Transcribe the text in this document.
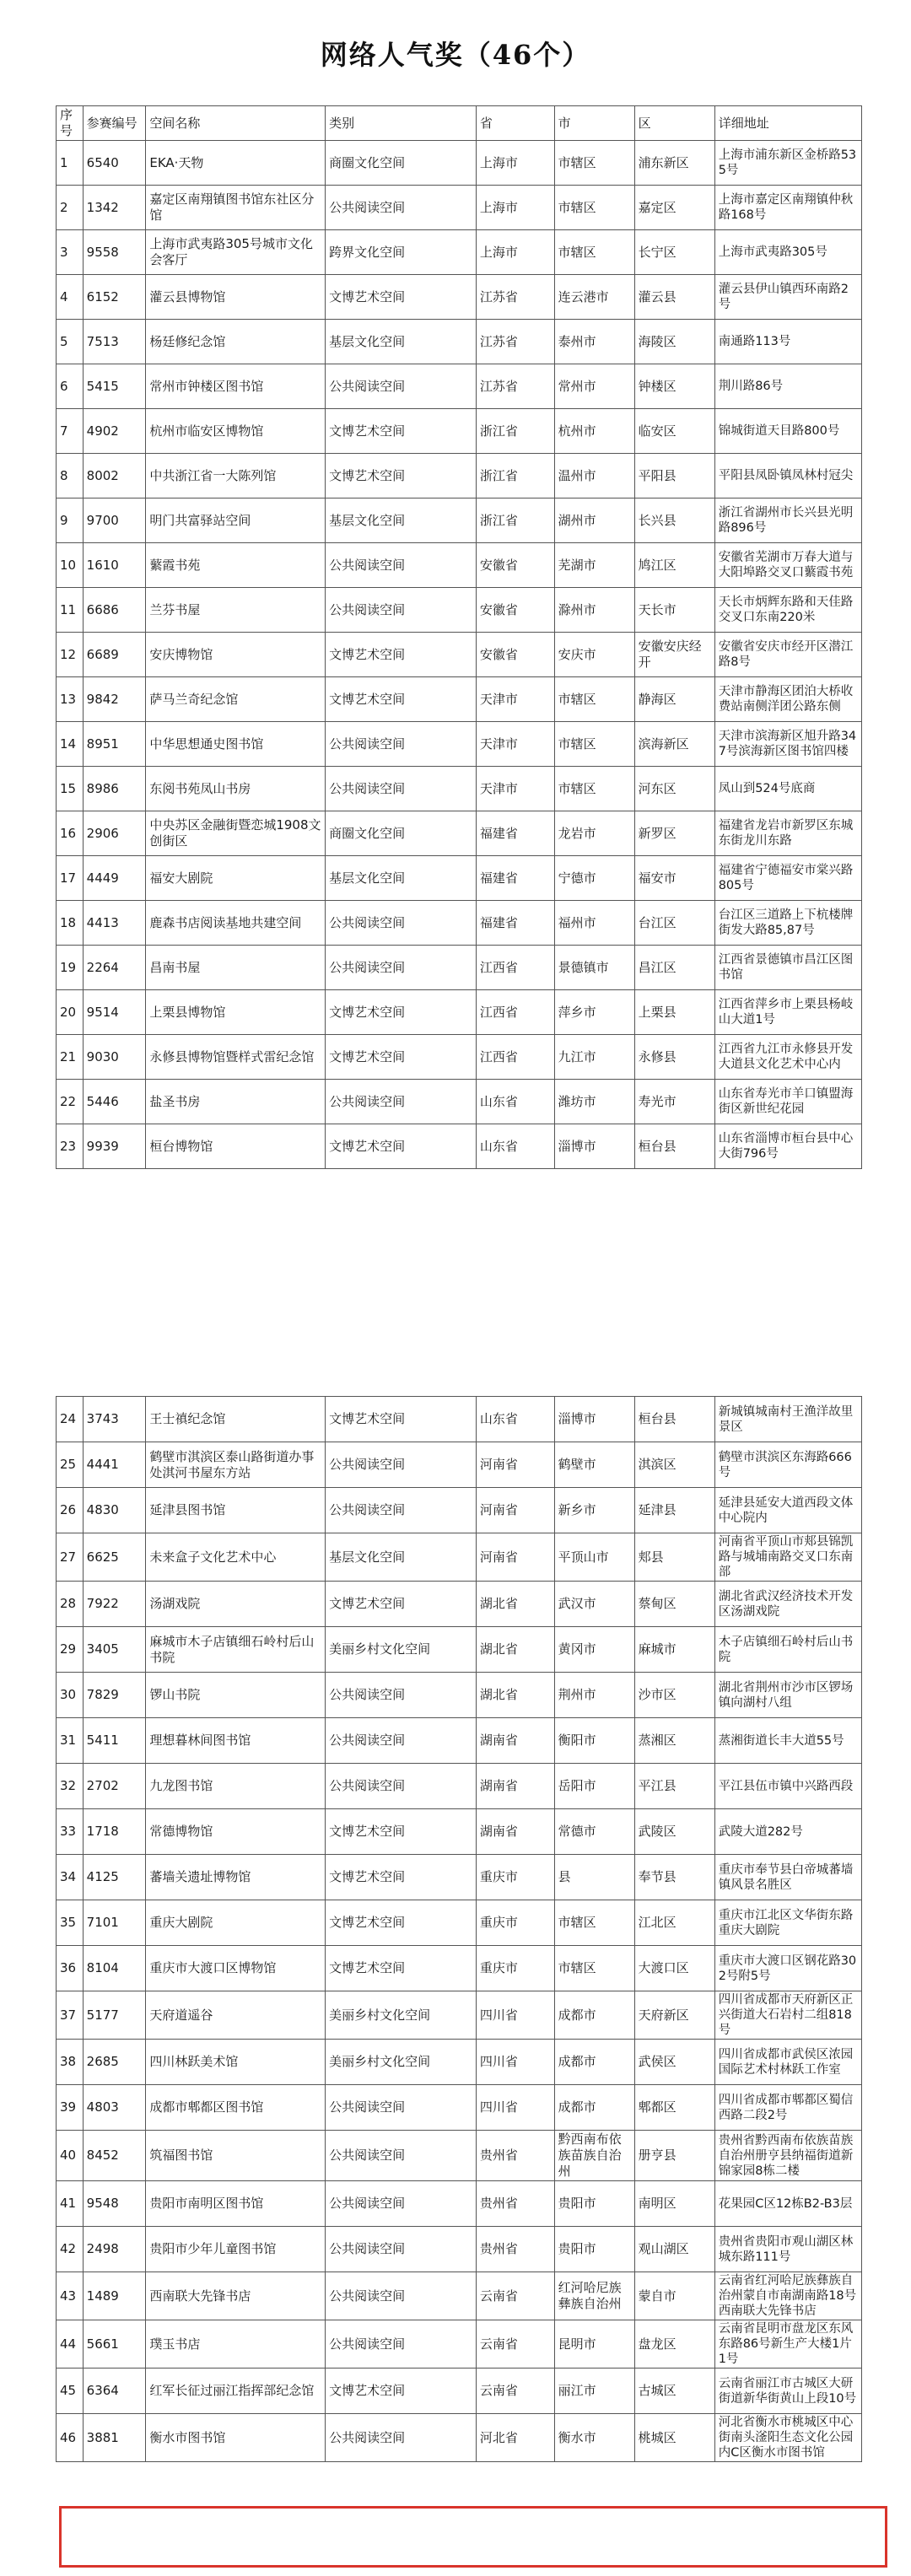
网络人气奖（46个）
序号	参赛编号	空间名称	类别	省	市	区	详细地址
1	6540	EKA·天物	商圈文化空间	上海市	市辖区	浦东新区	上海市浦东新区金桥路535号
2	1342	嘉定区南翔镇图书馆东社区分馆	公共阅读空间	上海市	市辖区	嘉定区	上海市嘉定区南翔镇仲秋路168号
3	9558	上海市武夷路305号城市文化会客厅	跨界文化空间	上海市	市辖区	长宁区	上海市武夷路305号
4	6152	灌云县博物馆	文博艺术空间	江苏省	连云港市	灌云县	灌云县伊山镇西环南路2号
5	7513	杨廷修纪念馆	基层文化空间	江苏省	泰州市	海陵区	南通路113号
6	5415	常州市钟楼区图书馆	公共阅读空间	江苏省	常州市	钟楼区	荆川路86号
7	4902	杭州市临安区博物馆	文博艺术空间	浙江省	杭州市	临安区	锦城街道天目路800号
8	8002	中共浙江省一大陈列馆	文博艺术空间	浙江省	温州市	平阳县	平阳县凤卧镇凤林村冠尖
9	9700	明门共富驿站空间	基层文化空间	浙江省	湖州市	长兴县	浙江省湖州市长兴县光明路896号
10	1610	蘩霞书苑	公共阅读空间	安徽省	芜湖市	鸠江区	安徽省芜湖市万春大道与大阳埠路交叉口蘩霞书苑
11	6686	兰芬书屋	公共阅读空间	安徽省	滁州市	天长市	天长市炳辉东路和天佳路交叉口东南220米
12	6689	安庆博物馆	文博艺术空间	安徽省	安庆市	安徽安庆经开	安徽省安庆市经开区潜江路8号
13	9842	萨马兰奇纪念馆	文博艺术空间	天津市	市辖区	静海区	天津市静海区团泊大桥收费站南侧洋团公路东侧
14	8951	中华思想通史图书馆	公共阅读空间	天津市	市辖区	滨海新区	天津市滨海新区旭升路347号滨海新区图书馆四楼
15	8986	东阅书苑凤山书房	公共阅读空间	天津市	市辖区	河东区	凤山到524号底商
16	2906	中央苏区金融街暨恋城1908文创街区	商圈文化空间	福建省	龙岩市	新罗区	福建省龙岩市新罗区东城东街龙川东路
17	4449	福安大剧院	基层文化空间	福建省	宁德市	福安市	福建省宁德福安市棠兴路805号
18	4413	鹿森书店阅读基地共建空间	公共阅读空间	福建省	福州市	台江区	台江区三道路上下杭楼牌街发大路85,87号
19	2264	昌南书屋	公共阅读空间	江西省	景德镇市	昌江区	江西省景德镇市昌江区图书馆
20	9514	上栗县博物馆	文博艺术空间	江西省	萍乡市	上栗县	江西省萍乡市上栗县杨岐山大道1号
21	9030	永修县博物馆暨样式雷纪念馆	文博艺术空间	江西省	九江市	永修县	江西省九江市永修县开发大道县文化艺术中心内
22	5446	盐圣书房	公共阅读空间	山东省	潍坊市	寿光市	山东省寿光市羊口镇盟海街区新世纪花园
23	9939	桓台博物馆	文博艺术空间	山东省	淄博市	桓台县	山东省淄博市桓台县中心大街796号
24	3743	王士禛纪念馆	文博艺术空间	山东省	淄博市	桓台县	新城镇城南村王渔洋故里景区
25	4441	鹤壁市淇滨区泰山路街道办事处淇河书屋东方站	公共阅读空间	河南省	鹤壁市	淇滨区	鹤壁市淇滨区东海路666号
26	4830	延津县图书馆	公共阅读空间	河南省	新乡市	延津县	延津县延安大道西段文体中心院内
27	6625	未来盒子文化艺术中心	基层文化空间	河南省	平顶山市	郏县	河南省平顶山市郏县锦凯路与城埔南路交叉口东南部
28	7922	汤湖戏院	文博艺术空间	湖北省	武汉市	蔡甸区	湖北省武汉经济技术开发区汤湖戏院
29	3405	麻城市木子店镇细石岭村后山书院	美丽乡村文化空间	湖北省	黄冈市	麻城市	木子店镇细石岭村后山书院
30	7829	锣山书院	公共阅读空间	湖北省	荆州市	沙市区	湖北省荆州市沙市区锣场镇向湖村八组
31	5411	理想暮林间图书馆	公共阅读空间	湖南省	衡阳市	蒸湘区	蒸湘街道长丰大道55号
32	2702	九龙图书馆	公共阅读空间	湖南省	岳阳市	平江县	平江县伍市镇中兴路西段
33	1718	常德博物馆	文博艺术空间	湖南省	常德市	武陵区	武陵大道282号
34	4125	蕃墙关遗址博物馆	文博艺术空间	重庆市	县	奉节县	重庆市奉节县白帝城蕃墙镇风景名胜区
35	7101	重庆大剧院	文博艺术空间	重庆市	市辖区	江北区	重庆市江北区文华街东路重庆大剧院
36	8104	重庆市大渡口区博物馆	文博艺术空间	重庆市	市辖区	大渡口区	重庆市大渡口区钢花路302号附5号
37	5177	天府道遥谷	美丽乡村文化空间	四川省	成都市	天府新区	四川省成都市天府新区正兴街道大石岩村二组818号
38	2685	四川林跃美术馆	美丽乡村文化空间	四川省	成都市	武侯区	四川省成都市武侯区浓园国际艺术村林跃工作室
39	4803	成都市郫都区图书馆	公共阅读空间	四川省	成都市	郫都区	四川省成都市郫都区蜀信西路二段2号
40	8452	筑福图书馆	公共阅读空间	贵州省	黔西南布依族苗族自治州	册亨县	贵州省黔西南布依族苗族自治州册亨县纳福街道新锦家园8栋二楼
41	9548	贵阳市南明区图书馆	公共阅读空间	贵州省	贵阳市	南明区	花果园C区12栋B2-B3层
42	2498	贵阳市少年儿童图书馆	公共阅读空间	贵州省	贵阳市	观山湖区	贵州省贵阳市观山湖区林城东路111号
43	1489	西南联大先锋书店	公共阅读空间	云南省	红河哈尼族彝族自治州	蒙自市	云南省红河哈尼族彝族自治州蒙自市南湖南路18号西南联大先锋书店
44	5661	璞玉书店	公共阅读空间	云南省	昆明市	盘龙区	云南省昆明市盘龙区东风东路86号新生产大楼1片1号
45	6364	红军长征过丽江指挥部纪念馆	文博艺术空间	云南省	丽江市	古城区	云南省丽江市古城区大研街道新华街黄山上段10号
46	3881	衡水市图书馆	公共阅读空间	河北省	衡水市	桃城区	河北省衡水市桃城区中心街南头滏阳生态文化公园内C区衡水市图书馆
